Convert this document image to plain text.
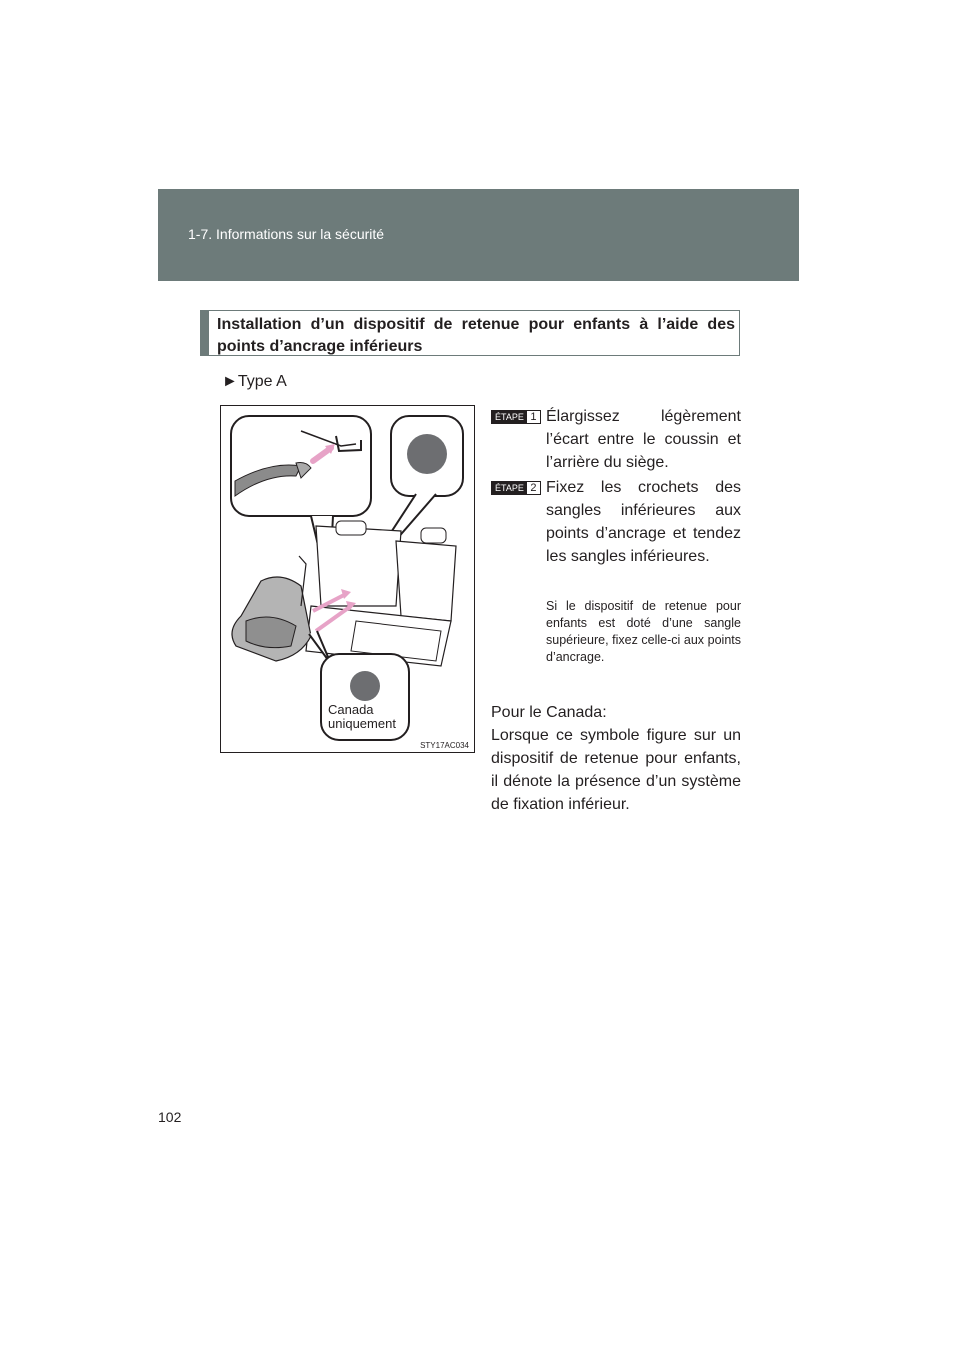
1-7. Informations sur la sécurité
Installation d’un dispositif de retenue pour enfants à l’aide des points d’ancrage inférieurs
►Type A
STY17AC034
Canada
uniquement
ÉTAPE 1 Élargissez légèrement l’écart entre le coussin et l’arrière du siège.
ÉTAPE 2 Fixez les crochets des sangles inférieures aux points d’ancrage et tendez les sangles inférieures.
Si le dispositif de retenue pour enfants est doté d’une sangle supérieure, fixez celle-ci aux points d’ancrage.
Pour le Canada:
Lorsque ce symbole figure sur un dispositif de retenue pour enfants, il dénote la présence d’un système de fixation inférieur.
102
